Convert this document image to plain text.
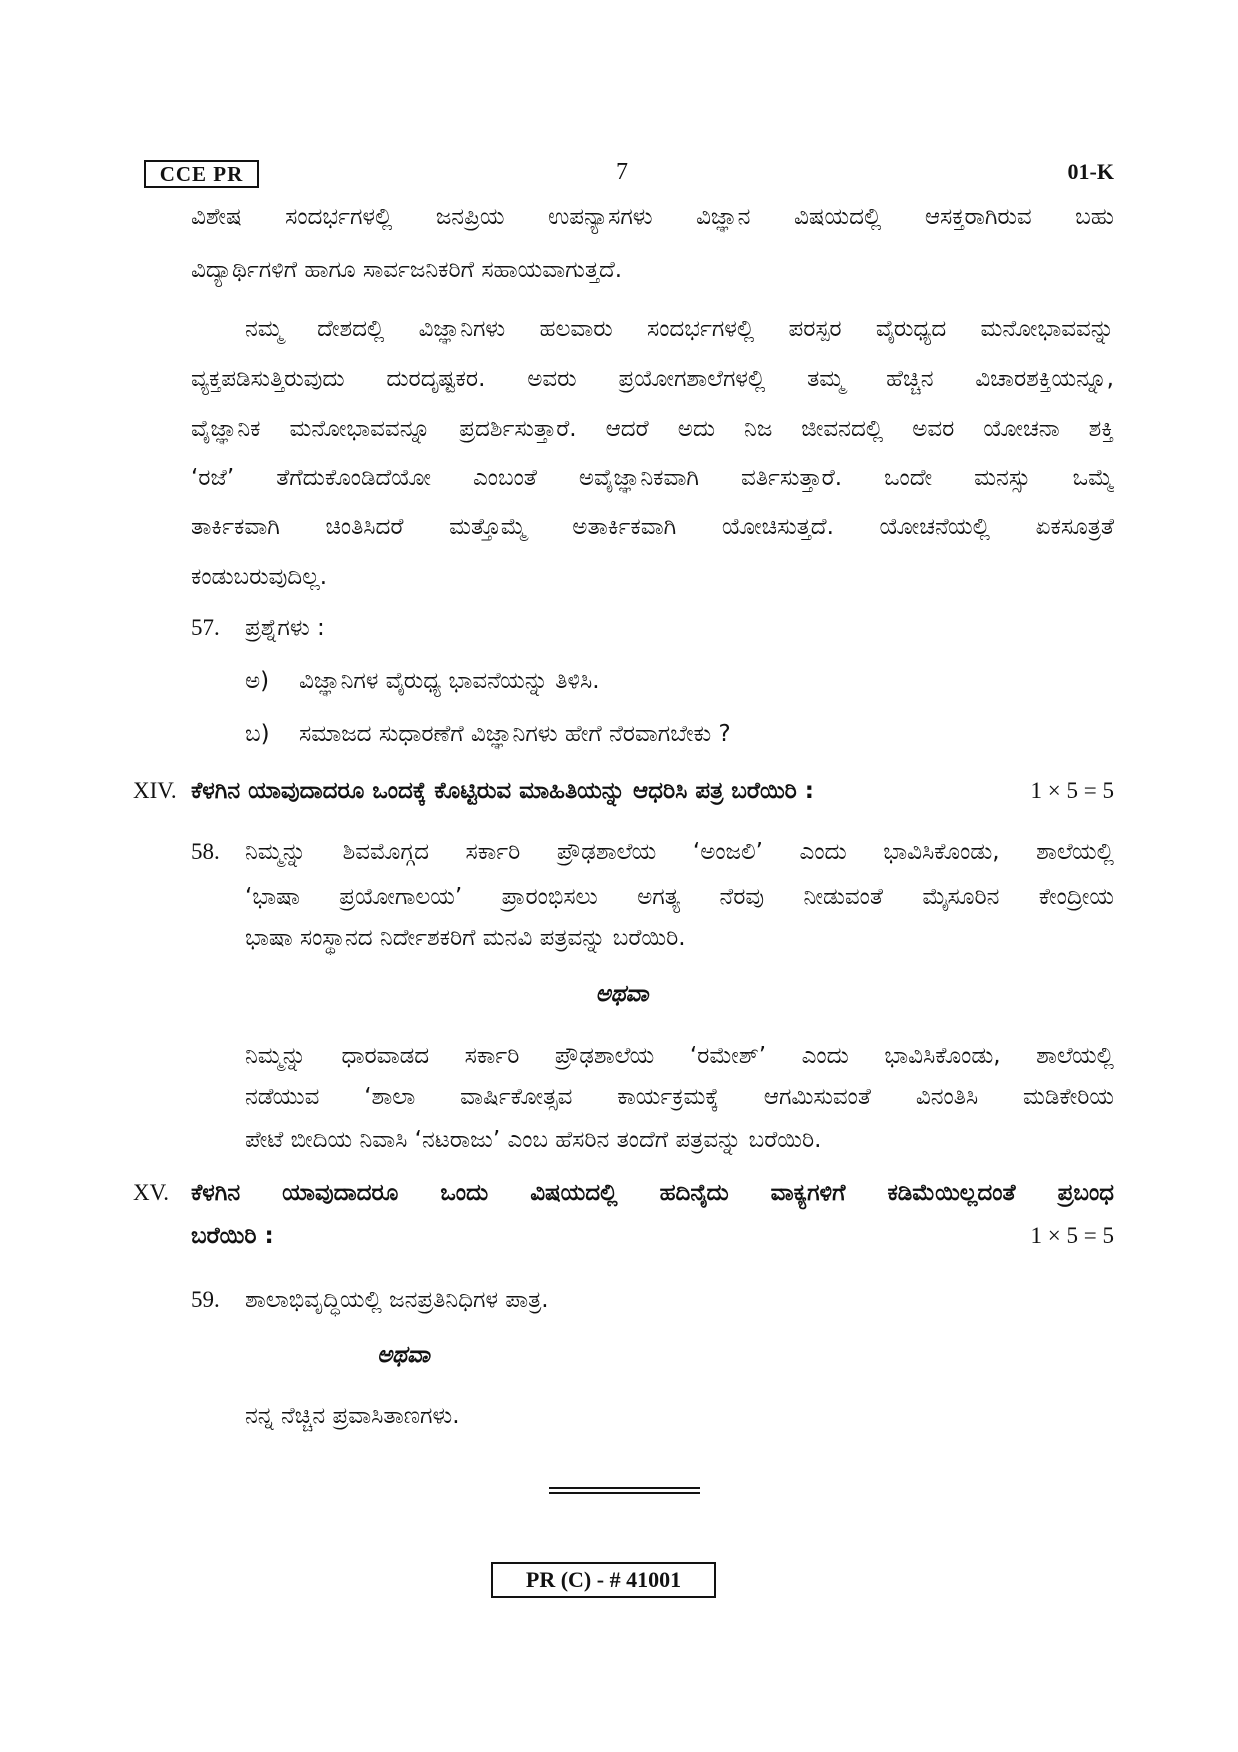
CCE PR	7	01-K
ವಿಶೇಷ ಸಂದರ್ಭಗಳಲ್ಲಿ ಜನಪ್ರಿಯ ಉಪನ್ಯಾಸಗಳು ವಿಜ್ಞಾನ ವಿಷಯದಲ್ಲಿ ಆಸಕ್ತರಾಗಿರುವ ಬಹು
ವಿದ್ಯಾರ್ಥಿಗಳಿಗೆ ಹಾಗೂ ಸಾರ್ವಜನಿಕರಿಗೆ ಸಹಾಯವಾಗುತ್ತದೆ.
ನಮ್ಮ ದೇಶದಲ್ಲಿ ವಿಜ್ಞಾನಿಗಳು ಹಲವಾರು ಸಂದರ್ಭಗಳಲ್ಲಿ ಪರಸ್ಪರ ವೈರುಧ್ಯದ ಮನೋಭಾವವನ್ನು
ವ್ಯಕ್ತಪಡಿಸುತ್ತಿರುವುದು ದುರದೃಷ್ಟಕರ. ಅವರು ಪ್ರಯೋಗಶಾಲೆಗಳಲ್ಲಿ ತಮ್ಮ ಹೆಚ್ಚಿನ ವಿಚಾರಶಕ್ತಿಯನ್ನೂ,
ವೈಜ್ಞಾನಿಕ ಮನೋಭಾವವನ್ನೂ ಪ್ರದರ್ಶಿಸುತ್ತಾರೆ. ಆದರೆ ಅದು ನಿಜ ಜೀವನದಲ್ಲಿ ಅವರ ಯೋಚನಾ ಶಕ್ತಿ
‘ರಜೆ’ ತೆಗೆದುಕೊಂಡಿದೆಯೋ ಎಂಬಂತೆ ಅವೈಜ್ಞಾನಿಕವಾಗಿ ವರ್ತಿಸುತ್ತಾರೆ. ಒಂದೇ ಮನಸ್ಸು ಒಮ್ಮೆ
ತಾರ್ಕಿಕವಾಗಿ ಚಿಂತಿಸಿದರೆ ಮತ್ತೊಮ್ಮೆ ಅತಾರ್ಕಿಕವಾಗಿ ಯೋಚಿಸುತ್ತದೆ. ಯೋಚನೆಯಲ್ಲಿ ಏಕಸೂತ್ರತೆ
ಕಂಡುಬರುವುದಿಲ್ಲ.
57.	ಪ್ರಶ್ನೆಗಳು :
ಅ)	ವಿಜ್ಞಾನಿಗಳ ವೈರುಧ್ಯ ಭಾವನೆಯನ್ನು ತಿಳಿಸಿ.
ಬ)	ಸಮಾಜದ ಸುಧಾರಣೆಗೆ ವಿಜ್ಞಾನಿಗಳು ಹೇಗೆ ನೆರವಾಗಬೇಕು ?
XIV. ಕೆಳಗಿನ ಯಾವುದಾದರೂ ಒಂದಕ್ಕೆ ಕೊಟ್ಟಿರುವ ಮಾಹಿತಿಯನ್ನು ಆಧರಿಸಿ ಪತ್ರ ಬರೆಯಿರಿ :	1 × 5 = 5
58.	ನಿಮ್ಮನ್ನು ಶಿವಮೊಗ್ಗದ ಸರ್ಕಾರಿ ಪ್ರೌಢಶಾಲೆಯ ‘ಅಂಜಲಿ’ ಎಂದು ಭಾವಿಸಿಕೊಂಡು, ಶಾಲೆಯಲ್ಲಿ
‘ಭಾಷಾ ಪ್ರಯೋಗಾಲಯ’ ಪ್ರಾರಂಭಿಸಲು ಅಗತ್ಯ ನೆರವು ನೀಡುವಂತೆ ಮೈಸೂರಿನ ಕೇಂದ್ರೀಯ
ಭಾಷಾ ಸಂಸ್ಥಾನದ ನಿರ್ದೇಶಕರಿಗೆ ಮನವಿ ಪತ್ರವನ್ನು ಬರೆಯಿರಿ.
ಅಥವಾ
ನಿಮ್ಮನ್ನು ಧಾರವಾಡದ ಸರ್ಕಾರಿ ಪ್ರೌಢಶಾಲೆಯ ‘ರಮೇಶ್’ ಎಂದು ಭಾವಿಸಿಕೊಂಡು, ಶಾಲೆಯಲ್ಲಿ
ನಡೆಯುವ ‘ಶಾಲಾ ವಾರ್ಷಿಕೋತ್ಸವ ಕಾರ್ಯಕ್ರಮಕ್ಕೆ ಆಗಮಿಸುವಂತೆ ವಿನಂತಿಸಿ ಮಡಿಕೇರಿಯ
ಪೇಟೆ ಬೀದಿಯ ನಿವಾಸಿ ‘ನಟರಾಜು’ ಎಂಬ ಹೆಸರಿನ ತಂದೆಗೆ ಪತ್ರವನ್ನು ಬರೆಯಿರಿ.
XV. ಕೆಳಗಿನ ಯಾವುದಾದರೂ ಒಂದು ವಿಷಯದಲ್ಲಿ ಹದಿನೈದು ವಾಕ್ಯಗಳಿಗೆ ಕಡಿಮೆಯಿಲ್ಲದಂತೆ ಪ್ರಬಂಧ
ಬರೆಯಿರಿ :	1 × 5 = 5
59.	ಶಾಲಾಭಿವೃದ್ಧಿಯಲ್ಲಿ ಜನಪ್ರತಿನಿಧಿಗಳ ಪಾತ್ರ.
ಅಥವಾ
ನನ್ನ ನೆಚ್ಚಿನ ಪ್ರವಾಸಿತಾಣಗಳು.
PR (C) - # 41001
